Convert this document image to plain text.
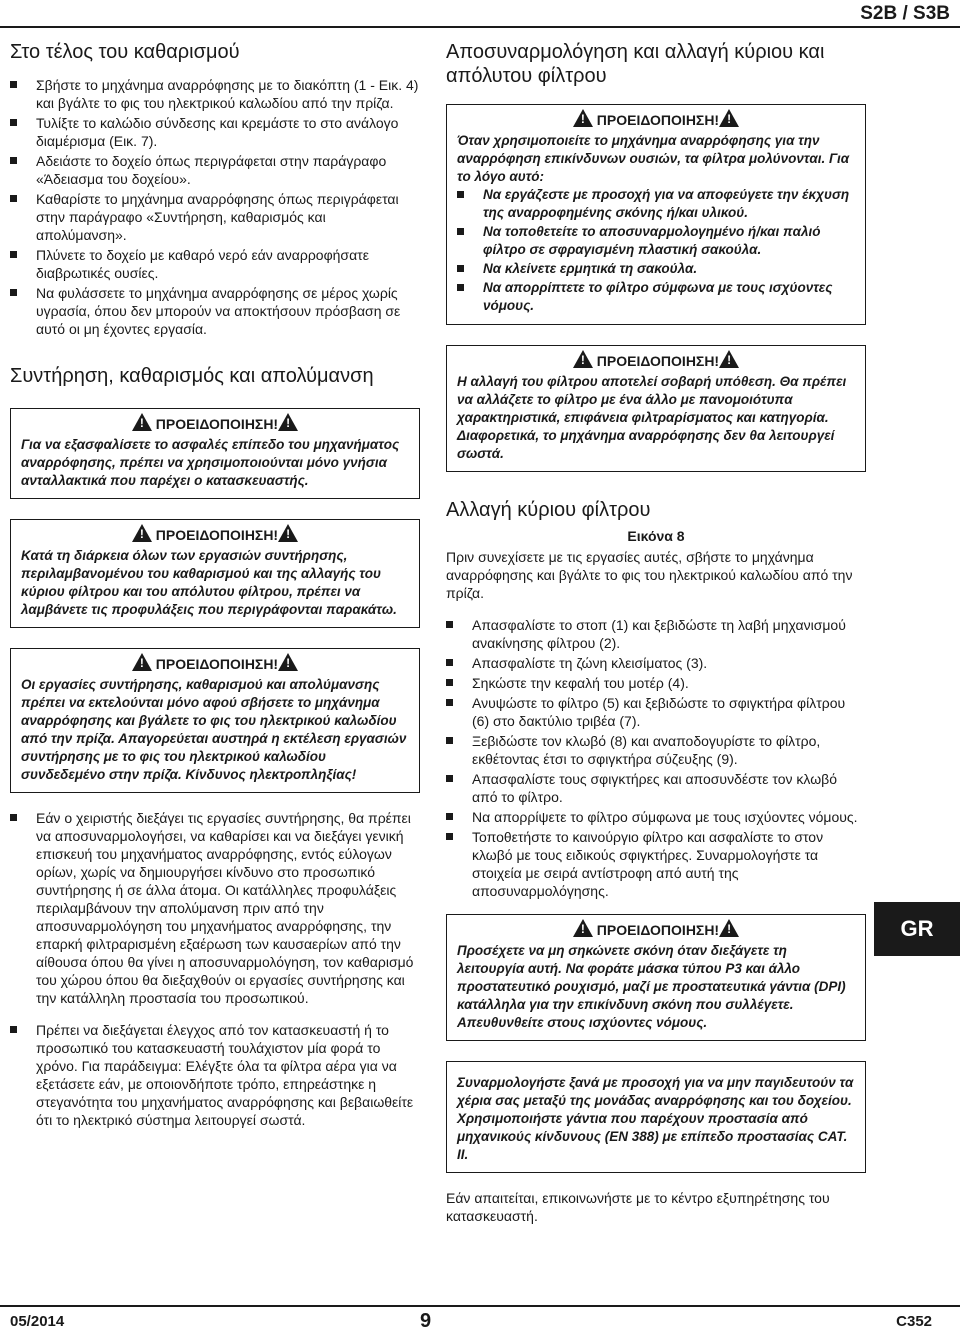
S2B / S3B
Στο τέλος του καθαρισμού
Σβήστε το μηχάνημα αναρρόφησης με το διακόπτη (1 - Εικ. 4) και βγάλτε το φις του ηλεκτρικού καλωδίου από την πρίζα.
Τυλίξτε το καλώδιο σύνδεσης και κρεμάστε το στο ανάλογο διαμέρισμα (Εικ. 7).
Αδειάστε το δοχείο όπως περιγράφεται στην παράγραφο «Άδειασμα του δοχείου».
Καθαρίστε το μηχάνημα αναρρόφησης όπως περιγράφεται στην παράγραφο «Συντήρηση, καθαρισμός και απολύμανση».
Πλύνετε το δοχείο με καθαρό νερό εάν αναρροφήσατε διαβρωτικές ουσίες.
Να φυλάσσετε το μηχάνημα αναρρόφησης σε μέρος χωρίς υγρασία, όπου δεν μπορούν να αποκτήσουν πρόσβαση σε αυτό οι μη έχοντες εργασία.
Συντήρηση, καθαρισμός και απολύμανση
! ΠΡΟΕΙΔΟΠΟΙΗΣΗ! !
Για να εξασφαλίσετε το ασφαλές επίπεδο του μηχανήματος αναρρόφησης, πρέπει να χρησιμοποιούνται μόνο γνήσια ανταλλακτικά που παρέχει ο κατασκευαστής.
! ΠΡΟΕΙΔΟΠΟΙΗΣΗ! !
Κατά τη διάρκεια όλων των εργασιών συντήρησης, περιλαμβανομένου του καθαρισμού και της αλλαγής του κύριου φίλτρου και του απόλυτου φίλτρου, πρέπει να λαμβάνετε τις προφυλάξεις που περιγράφονται παρακάτω.
! ΠΡΟΕΙΔΟΠΟΙΗΣΗ! !
Οι εργασίες συντήρησης, καθαρισμού και απολύμανσης πρέπει να εκτελούνται μόνο αφού σβήσετε το μηχάνημα αναρρόφησης και βγάλετε το φις του ηλεκτρικού καλωδίου από την πρίζα. Απαγορεύεται αυστηρά η εκτέλεση εργασιών συντήρησης με το φις του ηλεκτρικού καλωδίου συνδεδεμένο στην πρίζα. Κίνδυνος ηλεκτροπληξίας!
Εάν ο χειριστής διεξάγει τις εργασίες συντήρησης, θα πρέπει να αποσυναρμολογήσει, να καθαρίσει και να διεξάγει γενική επισκευή του μηχανήματος αναρρόφησης, εντός εύλογων ορίων, χωρίς να δημιουργήσει κίνδυνο στο προσωπικό συντήρησης ή σε άλλα άτομα. Οι κατάλληλες προφυλάξεις περιλαμβάνουν την απολύμανση πριν από την αποσυναρμολόγηση του μηχανήματος αναρρόφησης, την επαρκή φιλτραρισμένη εξαέρωση των καυσαερίων από την αίθουσα όπου θα γίνει η αποσυναρμολόγηση, τον καθαρισμό του χώρου όπου θα διεξαχθούν οι εργασίες συντήρησης και την κατάλληλη προστασία του προσωπικού.
Πρέπει να διεξάγεται έλεγχος από τον κατασκευαστή ή το προσωπικό του κατασκευαστή τουλάχιστον μία φορά το χρόνο. Για παράδειγμα: Ελέγξτε όλα τα φίλτρα αέρα για να εξετάσετε εάν, με οποιονδήποτε τρόπο, επηρεάστηκε η στεγανότητα του μηχανήματος αναρρόφησης και βεβαιωθείτε ότι το ηλεκτρικό σύστημα λειτουργεί σωστά.
Αποσυναρμολόγηση και αλλαγή κύριου και απόλυτου φίλτρου
! ΠΡΟΕΙΔΟΠΟΙΗΣΗ! !
Όταν χρησιμοποιείτε το μηχάνημα αναρρόφησης για την αναρρόφηση επικίνδυνων ουσιών, τα φίλτρα μολύνονται. Για το λόγο αυτό:
Να εργάζεστε με προσοχή για να αποφεύγετε την έκχυση της αναρροφημένης σκόνης ή/και υλικού.
Να τοποθετείτε το αποσυναρμολογημένο ή/και παλιό φίλτρο σε σφραγισμένη πλαστική σακούλα.
Να κλείνετε ερμητικά τη σακούλα.
Να απορρίπτετε το φίλτρο σύμφωνα με τους ισχύοντες νόμους.
! ΠΡΟΕΙΔΟΠΟΙΗΣΗ! !
Η αλλαγή του φίλτρου αποτελεί σοβαρή υπόθεση. Θα πρέπει να αλλάζετε το φίλτρο με ένα άλλο με πανομοιότυπα χαρακτηριστικά, επιφάνεια φιλτραρίσματος και κατηγορία. Διαφορετικά, το μηχάνημα αναρρόφησης δεν θα λειτουργεί σωστά.
Αλλαγή κύριου φίλτρου
Εικόνα 8

Πριν συνεχίσετε με τις εργασίες αυτές, σβήστε το μηχάνημα αναρρόφησης και βγάλτε το φις του ηλεκτρικού καλωδίου από την πρίζα.

Απασφαλίστε το στοπ (1) και ξεβιδώστε τη λαβή μηχανισμού ανακίνησης φίλτρου (2).
Απασφαλίστε τη ζώνη κλεισίματος (3).
Σηκώστε την κεφαλή του μοτέρ (4).
Ανυψώστε το φίλτρο (5) και ξεβιδώστε το σφιγκτήρα φίλτρου (6) στο δακτύλιο τριβέα (7).
Ξεβιδώστε τον κλωβό (8) και αναποδογυρίστε το φίλτρο, εκθέτοντας έτσι το σφιγκτήρα σύζευξης (9).
Απασφαλίστε τους σφιγκτήρες και αποσυνδέστε τον κλωβό από το φίλτρο.
Να απορρίψετε το φίλτρο σύμφωνα με τους ισχύοντες νόμους.
Τοποθετήστε το καινούργιο φίλτρο και ασφαλίστε το στον κλωβό με τους ειδικούς σφιγκτήρες. Συναρμολογήστε τα στοιχεία με σειρά αντίστροφη από αυτή της αποσυναρμολόγησης.
! ΠΡΟΕΙΔΟΠΟΙΗΣΗ! !
Προσέχετε να μη σηκώνετε σκόνη όταν διεξάγετε τη λειτουργία αυτή. Να φοράτε μάσκα τύπου P3 και άλλο προστατευτικό ρουχισμό, μαζί με προστατευτικά γάντια (DPI) κατάλληλα για την επικίνδυνη σκόνη που συλλέγετε. Απευθυνθείτε στους ισχύοντες νόμους.
Συναρμολογήστε ξανά με προσοχή για να μην παγιδευτούν τα χέρια σας μεταξύ της μονάδας αναρρόφησης και του δοχείου. Χρησιμοποιήστε γάντια που παρέχουν προστασία από μηχανικούς κίνδυνους (EN 388) με επίπεδο προστασίας CAT. II.

Εάν απαιτείται, επικοινωνήστε με το κέντρο εξυπηρέτησης του κατασκευαστή.

GR
05/2014	9	C352
